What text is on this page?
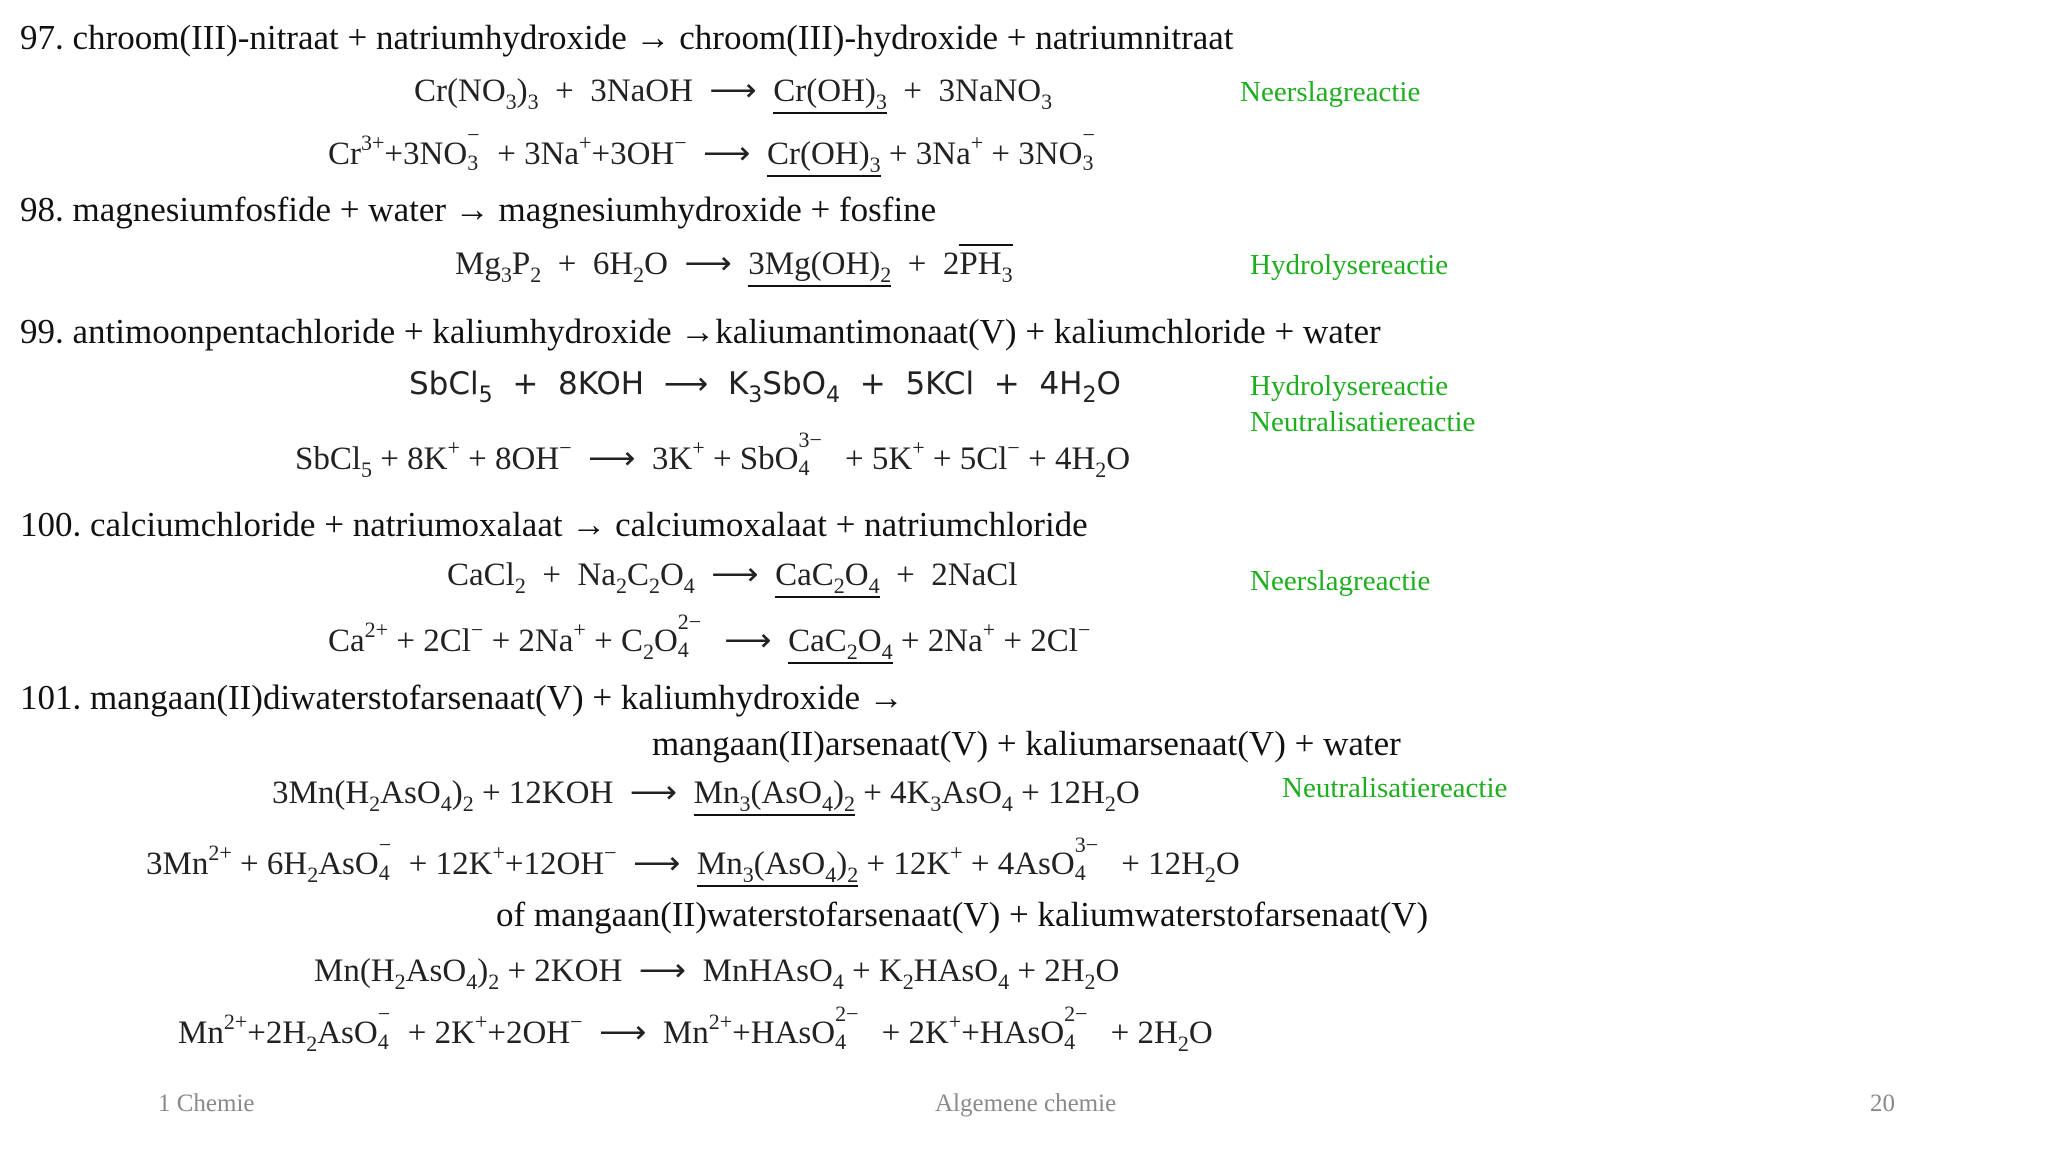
97. chroom(III)-nitraat + natriumhydroxide → chroom(III)-hydroxide + natriumnitraat
$Cr(NO_3)_3$  +  3NaOH  ⟶  $Cr(OH)_3$  +  3NaNO$_3$	Neerslagreactie
$Cr^{3+}+3NO$
−
3 + 3Na++3OH−  ⟶  $Cr(OH)_3 + 3Na^+ + 3NO$
−
3
98. magnesiumfosfide + water → magnesiumhydroxide + fosfine
$Mg_3P_2 + 6H_2O$  ⟶  $3Mg(OH)_2 + 2PH_3$	Hydrolysereactie
99. antimoonpentachloride + kaliumhydroxide →kaliumantimonaat(V) + kaliumchloride + water
SbCl$_5$  +  8KOH  ⟶  $K_3SbO_4 + 5KCl + 4H_2O$	Hydrolysereactie
Neutralisatiereactie
SbCl$_5$ + 8K+ + 8OH−  ⟶  3K+ + SbO
3−
$4 + 5K^+ + 5Cl^- + 4H_2O$
100. calciumchloride + natriumoxalaat → calciumoxalaat + natriumchloride
CaCl$_2$  +  $Na_2C_2O_4$  ⟶  $CaC_2O_4$  +  2NaCl	Neerslagreactie
$Ca^{2+} + 2Cl^- + 2Na^+ + C_2O$
2−
4 ⟶  $CaC_2O_4 + 2Na^+ + 2Cl^-$
101. mangaan(II)diwaterstofarsenaat(V) + kaliumhydroxide →
mangaan(II)arsenaat(V) + kaliumarsenaat(V) + water
$3Mn(H_2AsO_4)_2 + 12KOH$  ⟶  $Mn_3(AsO_4)_2 + 4K_3AsO_4 + 12H_2O$	Neutralisatiereactie
$3Mn^{2+} + 6H_2AsO$
−
4 + 12K++12OH−  ⟶  $Mn_3(AsO_4)_2 + 12K^+ + 4AsO$
3−
$4 + 12H_2O$
of mangaan(II)waterstofarsenaat(V) + kaliumwaterstofarsenaat(V)
$Mn(H_2AsO_4)_2 + 2KOH$  ⟶  MnHAsO$_4$ + $K_2HAsO_4 + 2H_2O$
$Mn^{2+}+2H_2AsO$
−
4 + 2K++2OH−  ⟶  $Mn^{2+}+HAsO$
2−
4 + 2K++HAsO
2−
$4 + 2H_2O$
1 Chemie	Algemene chemie	20
